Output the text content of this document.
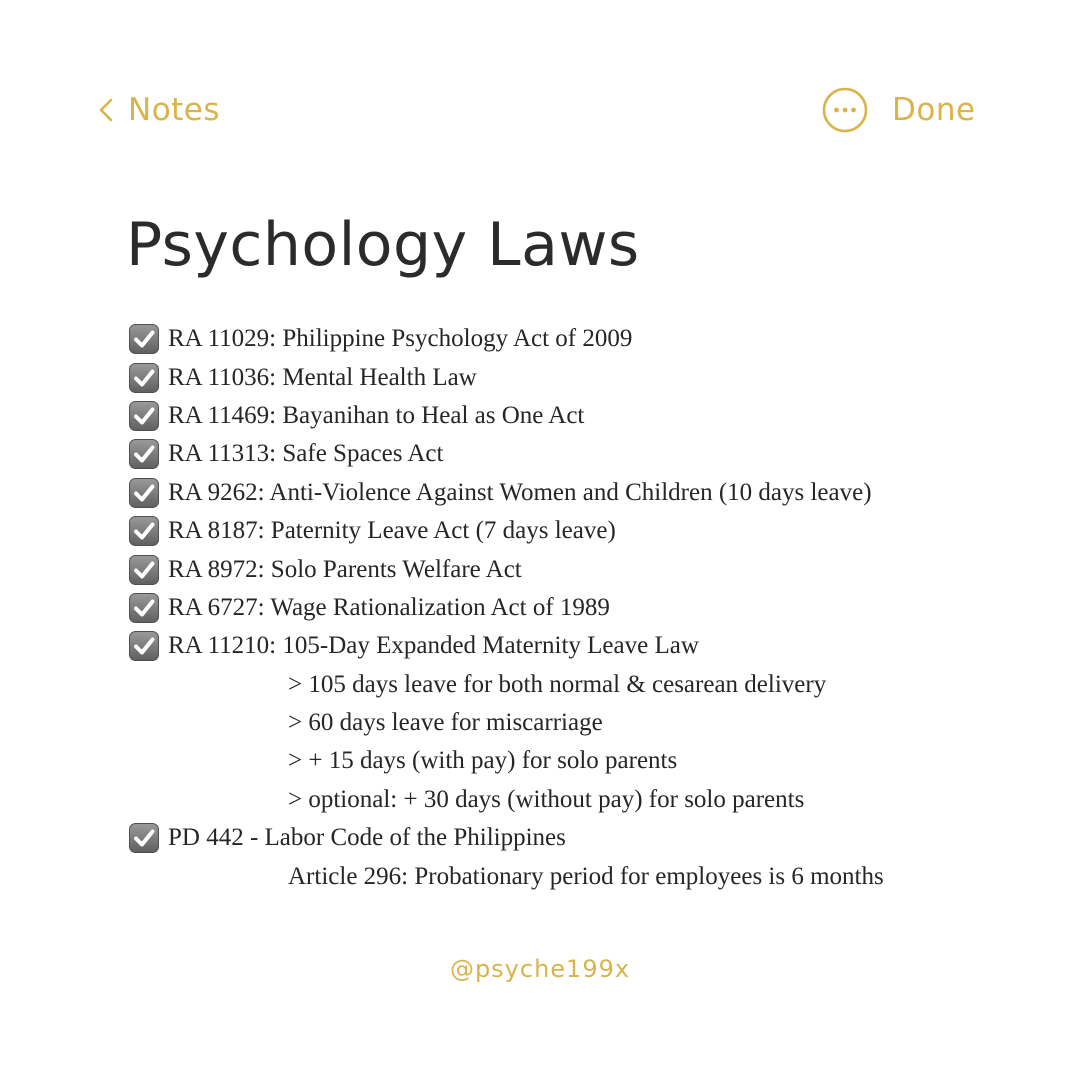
Notes	Done
Psychology Laws
RA 11029: Philippine Psychology Act of 2009
RA 11036: Mental Health Law
RA 11469: Bayanihan to Heal as One Act
RA 11313: Safe Spaces Act
RA 9262: Anti-Violence Against Women and Children (10 days leave)
RA 8187: Paternity Leave Act (7 days leave)
RA 8972: Solo Parents Welfare Act
RA 6727: Wage Rationalization Act of 1989
RA 11210: 105-Day Expanded Maternity Leave Law
> 105 days leave for both normal & cesarean delivery
> 60 days leave for miscarriage
> + 15 days (with pay) for solo parents
> optional: + 30 days (without pay) for solo parents
PD 442 - Labor Code of the Philippines
Article 296: Probationary period for employees is 6 months
@psyche199x
